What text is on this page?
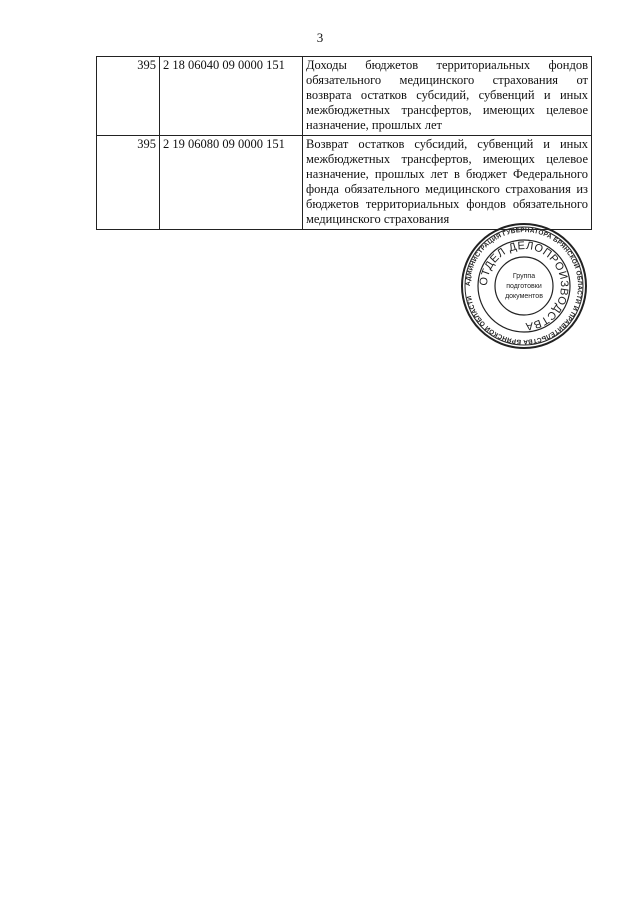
3
395	2 18 06040 09 0000 151	Доходы бюджетов территориальных фондов обязательного медицинского страхования от возврата остатков субсидий, субвенций и иных межбюджетных трансфертов, имеющих целевое назначение, прошлых лет
395	2 19 06080 09 0000 151	Возврат остатков субсидий, субвенций и иных межбюджетных трансфертов, имеющих целевое назначение, прошлых лет в бюджет Федерального фонда обязательного медицинского страхования из бюджетов территориальных фондов обязательного медицинского страхования
АДМИНИСТРАЦИЯ ГУБЕРНАТОРА БРЯНСКОЙ ОБЛАСТИ И ПРАВИТЕЛЬСТВА БРЯНСКОЙ ОБЛАСТИ
ОТДЕЛ ДЕЛОПРОИЗВОДСТВА
Группа
подготовки
документов
